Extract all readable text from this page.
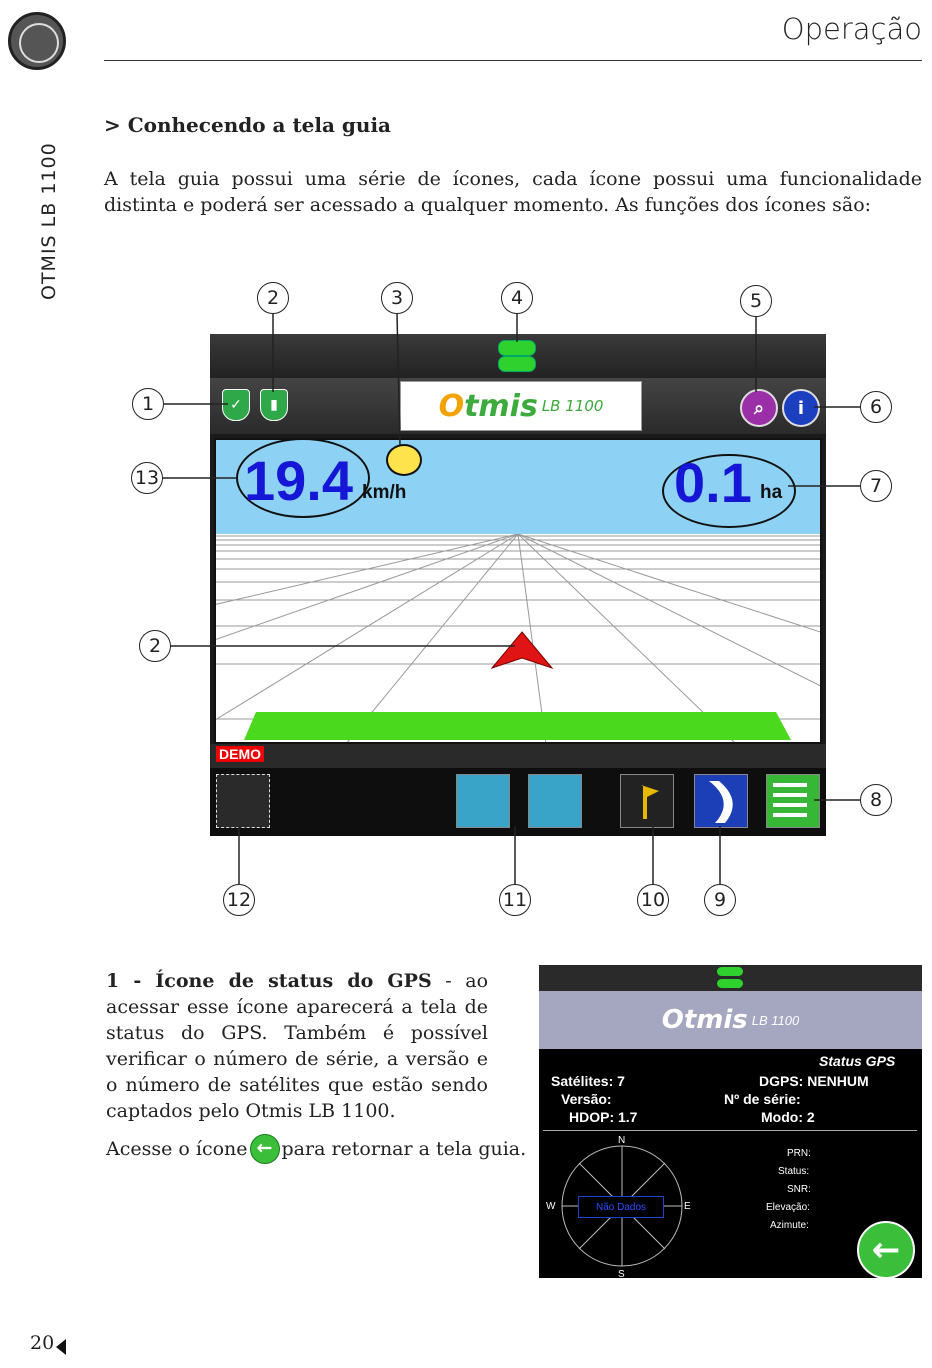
OTMIS LB 1100
Operação
> Conhecendo a tela guia
A tela guia possui uma série de ícones, cada ícone possui uma funcionalidade distinta e poderá ser acessado a qualquer momento. As funções dos ícones são:
✓	▮	O tmis LB 1100	⌕	i
19.4 km/h	0.1 ha
DEMO
2	3	4	5
1	6
13	7
2
8
12	11	10	9
1 - Ícone de status do GPS - ao acessar esse ícone aparecerá a tela de status do GPS. Também é possível verificar o número de série, a versão e o número de satélites que estão sendo captados pelo Otmis LB 1100.
Acesse o ícone ← para retornar a tela guia.
O tmis LB 1100
Status GPS
Satélites: 7	DGPS: NENHUM
Versão:	Nº de série:
HDOP: 1.7	Modo: 2
N
S
E
W	Não Dados
PRN:
Status:
SNR:
Elevação:
Azimute:
←
20
